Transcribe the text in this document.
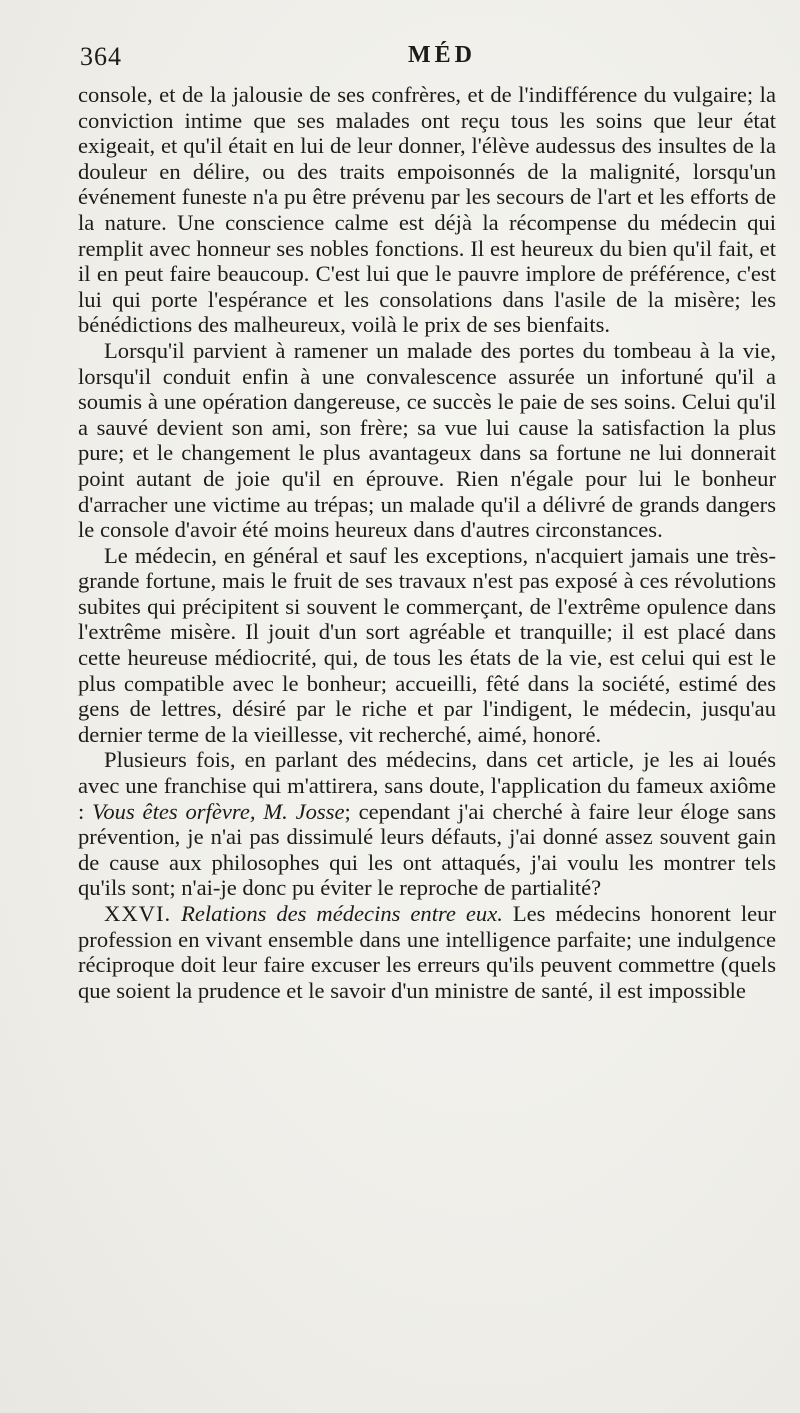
364	MÉD

console, et de la jalousie de ses confrères, et de l'indifférence du vulgaire; la conviction intime que ses malades ont reçu tous les soins que leur état exigeait, et qu'il était en lui de leur donner, l'élève audessus des insultes de la douleur en délire, ou des traits empoisonnés de la malignité, lorsqu'un événement funeste n'a pu être prévenu par les secours de l'art et les efforts de la nature. Une conscience calme est déjà la récompense du médecin qui remplit avec honneur ses nobles fonctions. Il est heureux du bien qu'il fait, et il en peut faire beaucoup. C'est lui que le pauvre implore de préférence, c'est lui qui porte l'espérance et les consolations dans l'asile de la misère; les bénédictions des malheureux, voilà le prix de ses bienfaits.

Lorsqu'il parvient à ramener un malade des portes du tombeau à la vie, lorsqu'il conduit enfin à une convalescence assurée un infortuné qu'il a soumis à une opération dangereuse, ce succès le paie de ses soins. Celui qu'il a sauvé devient son ami, son frère; sa vue lui cause la satisfaction la plus pure; et le changement le plus avantageux dans sa fortune ne lui donnerait point autant de joie qu'il en éprouve. Rien n'égale pour lui le bonheur d'arracher une victime au trépas; un malade qu'il a délivré de grands dangers le console d'avoir été moins heureux dans d'autres circonstances.

Le médecin, en général et sauf les exceptions, n'acquiert jamais une très-grande fortune, mais le fruit de ses travaux n'est pas exposé à ces révolutions subites qui précipitent si souvent le commerçant, de l'extrême opulence dans l'extrême misère. Il jouit d'un sort agréable et tranquille; il est placé dans cette heureuse médiocrité, qui, de tous les états de la vie, est celui qui est le plus compatible avec le bonheur; accueilli, fêté dans la société, estimé des gens de lettres, désiré par le riche et par l'indigent, le médecin, jusqu'au dernier terme de la vieillesse, vit recherché, aimé, honoré.

Plusieurs fois, en parlant des médecins, dans cet article, je les ai loués avec une franchise qui m'attirera, sans doute, l'application du fameux axiôme : Vous êtes orfèvre, M. Josse; cependant j'ai cherché à faire leur éloge sans prévention, je n'ai pas dissimulé leurs défauts, j'ai donné assez souvent gain de cause aux philosophes qui les ont attaqués, j'ai voulu les montrer tels qu'ils sont; n'ai-je donc pu éviter le reproche de partialité?

XXVI. Relations des médecins entre eux. Les médecins honorent leur profession en vivant ensemble dans une intelligence parfaite; une indulgence réciproque doit leur faire excuser les erreurs qu'ils peuvent commettre (quels que soient la prudence et le savoir d'un ministre de santé, il est impossible
